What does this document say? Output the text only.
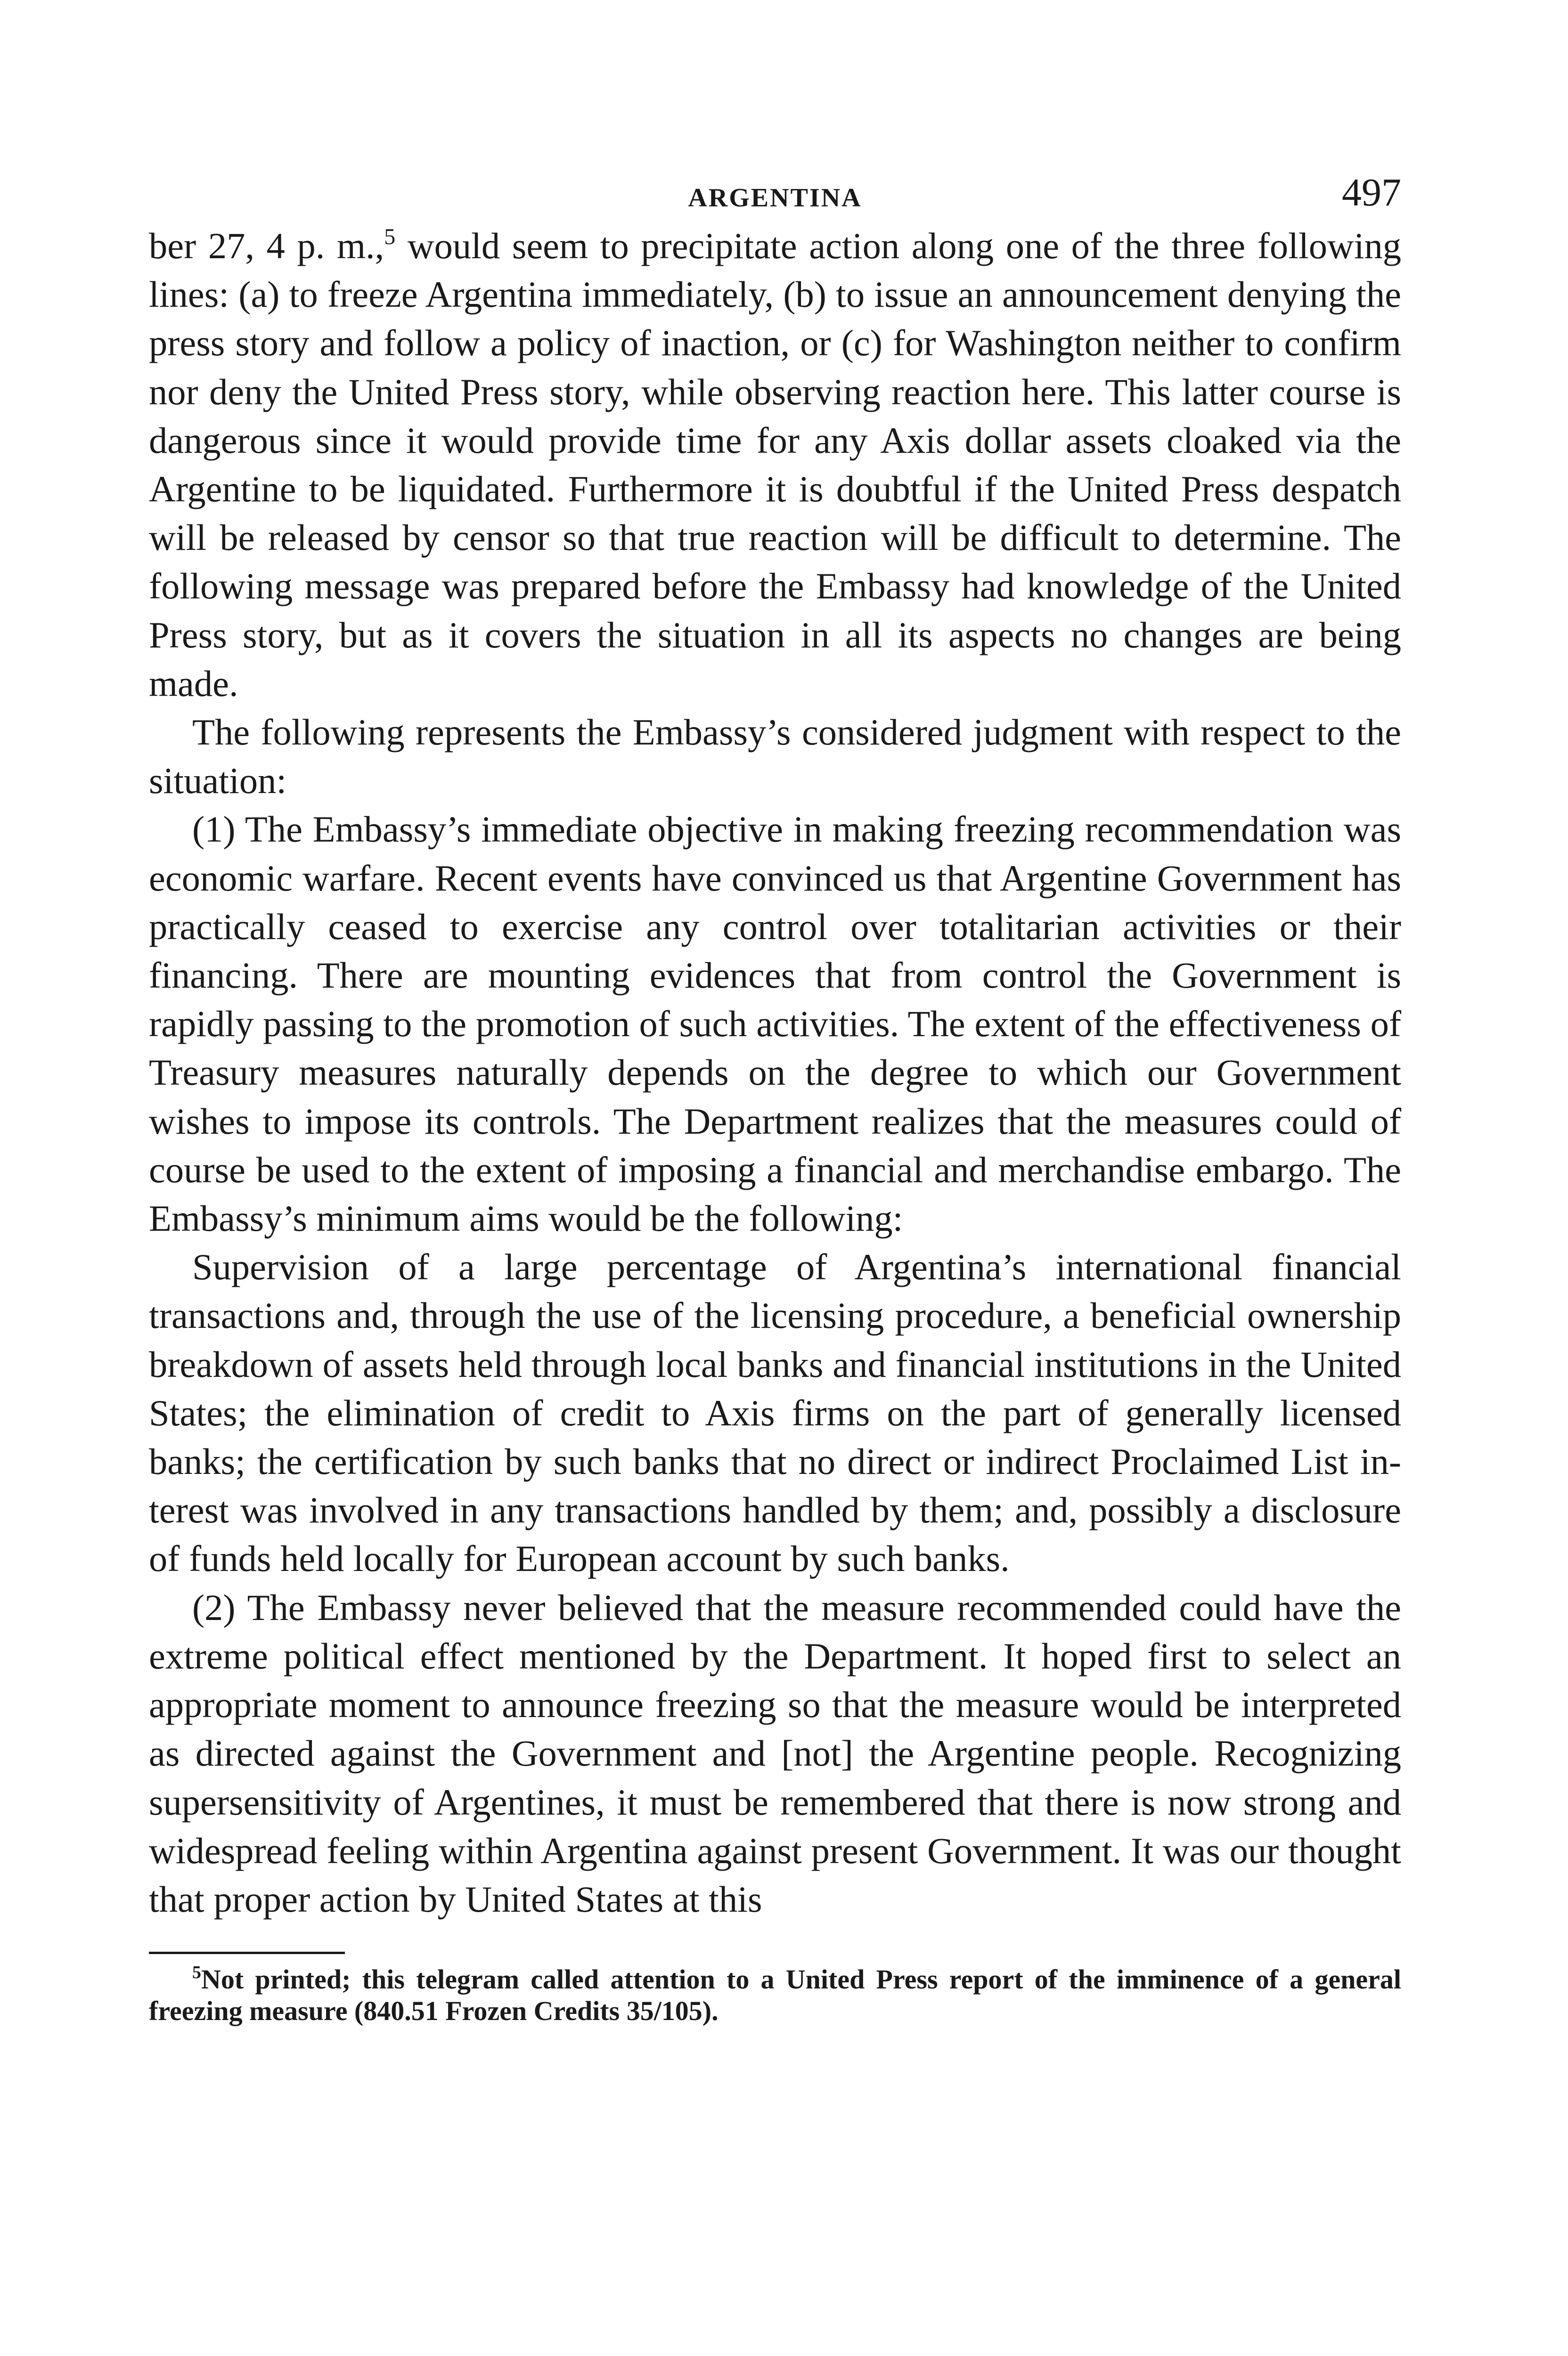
ARGENTINA	497

ber 27, 4 p. m.,$^5$ would seem to precipitate action along one of the three following lines: (a) to freeze Argentina immediately, (b) to issue an announcement denying the press story and follow a policy of inaction, or (c) for Washington neither to confirm nor deny the United Press story, while observing reaction here. This latter course is dangerous since it would provide time for any Axis dollar assets cloaked via the Argentine to be liquidated. Furthermore it is doubtful if the United Press despatch will be released by censor so that true reaction will be difficult to determine. The following message was prepared before the Embassy had knowledge of the United Press story, but as it covers the situation in all its aspects no changes are being made.

The following represents the Embassy’s considered judgment with respect to the situation:

(1) The Embassy’s immediate objective in making freezing recommendation was economic warfare. Recent events have convinced us that Argentine Government has practically ceased to exercise any control over totalitarian activities or their financing. There are mounting evidences that from control the Government is rapidly passing to the promotion of such activities. The extent of the effectiveness of Treasury measures naturally depends on the degree to which our Government wishes to impose its controls. The Department realizes that the measures could of course be used to the extent of imposing a financial and merchandise embargo. The Embassy’s minimum aims would be the following:

Supervision of a large percentage of Argentina’s international financial transactions and, through the use of the licensing procedure, a beneficial ownership breakdown of assets held through local banks and financial institutions in the United States; the elimination of credit to Axis firms on the part of generally licensed banks; the certification by such banks that no direct or indirect Proclaimed List interest was involved in any transactions handled by them; and, possibly a disclosure of funds held locally for European account by such banks.

(2) The Embassy never believed that the measure recommended could have the extreme political effect mentioned by the Department. It hoped first to select an appropriate moment to announce freezing so that the measure would be interpreted as directed against the Government and [not] the Argentine people. Recognizing supersensitivity of Argentines, it must be remembered that there is now strong and widespread feeling within Argentina against present Government. It was our thought that proper action by United States at this

$^5$Not printed; this telegram called attention to a United Press report of the imminence of a general freezing measure (840.51 Frozen Credits 35/105).
